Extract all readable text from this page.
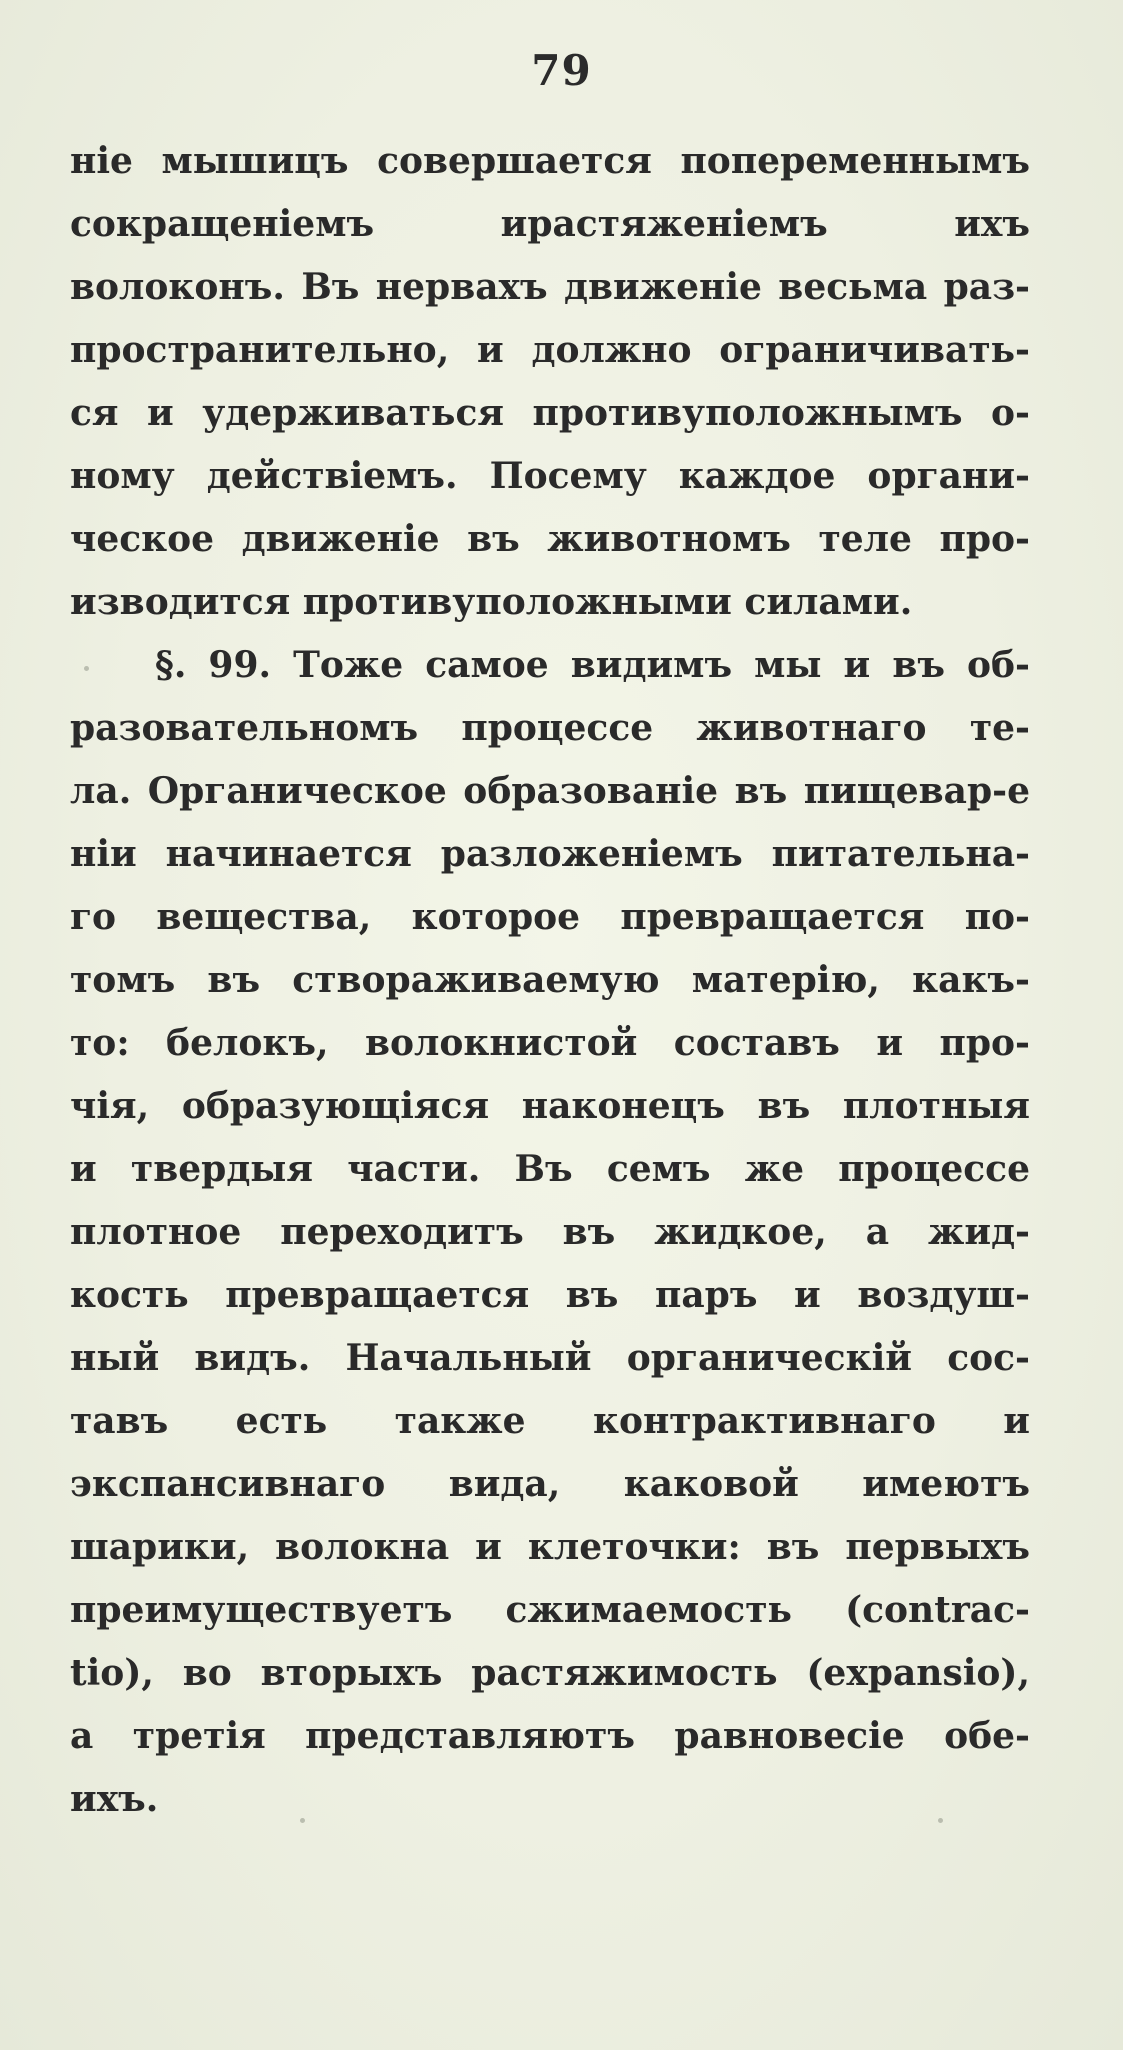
79
ніе мышицъ совершается попеременнымъ
сокращеніемъ ирастяженіемъ ихъ
волоконъ. Въ нервахъ движеніе весьма раз-
пространительно, и должно ограничивать-
ся и удерживаться противуположнымъ о-
ному действіемъ. Посему каждое органи-
ческое движеніе въ животномъ теле про-
изводится противуположными силами.
§. 99. Тоже самое видимъ мы и въ об-
разовательномъ процессе животнаго те-
ла. Органическое образованіе въ пищевар-е
ніи начинается разложеніемъ питательна-
го вещества, которое превращается по-
томъ въ створаживаемую матерію, какъ-
то: белокъ, волокнистой составъ и про-
чія, образующіяся наконецъ въ плотныя
и твердыя части. Въ семъ же процессе
плотное переходитъ въ жидкое, а жид-
кость превращается въ паръ и воздуш-
ный видъ. Начальный органическій сос-
тавъ есть также контрактивнаго и
экспансивнаго вида, каковой имеютъ
шарики, волокна и клеточки: въ первыхъ
преимуществуетъ сжимаемость (contrac-
tio), во вторыхъ растяжимость (expansio),
а третія представляютъ равновесіе обе-
ихъ.
